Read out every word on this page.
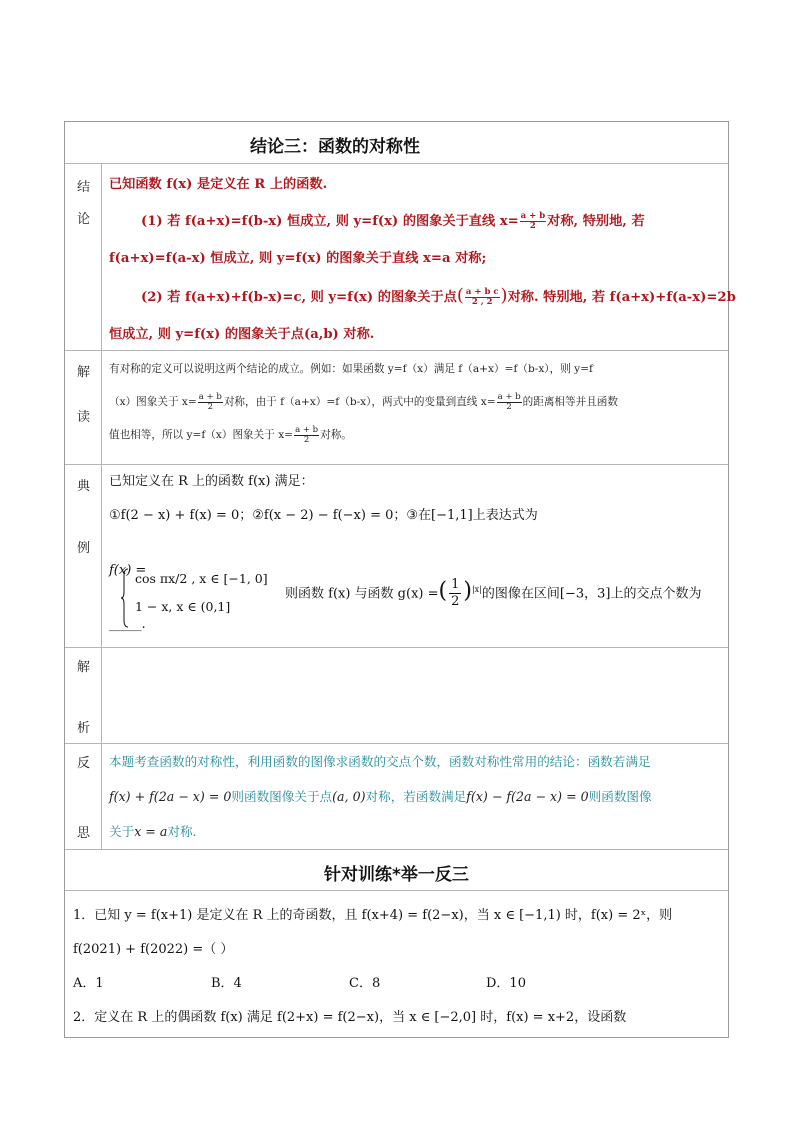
结论三：函数的对称性
结
论
已知函数 f(x) 是定义在 R 上的函数.
(1) 若 f(a+x)=f(b-x) 恒成立, 则 y=f(x) 的图象关于直线 $x= \frac{a + b}{2}$ 对称, 特别地, 若
f(a+x)=f(a-x) 恒成立, 则 y=f(x) 的图象关于直线 x=a 对称;
(2) 若 f(a+x)+f(b-x)=c, 则 y=f(x) 的图象关于点( $\frac{\text{a + b c}}{2 , 2}$ )对称. 特别地, 若 f(a+x)+f(a-x)=2b
恒成立, 则 y=f(x) 的图象关于点(a,b) 对称.
解
读
有对称的定义可以说明这两个结论的成立。例如：如果函数 y=f（x）满足 f（a+x）=f（b-x），则 y=f
（x）图象关于 $x= \frac{a + b}{2}$ 对称，由于 f（a+x）=f（b-x），两式中的变量到直线 $x= \frac{a + b}{2}$ 的距离相等并且函数
值也相等，所以 y=f（x）图象关于 $x= \frac{a + b}{2}$ 对称。
典
例
已知定义在 R 上的函数 f(x) 满足：
①f(2 − x) + f(x) = 0；②f(x − 2) − f(−x) = 0；③在[−1,1]上表达式为
f(x) =
cos πx/2 , x ∈ [−1, 0]
1 − x, x ∈ (0,1]
则函数 f(x) 与函数 g(x) =( $\frac{1}{2})^{|x|}$的图像在区间[−3，3]上的交点个数为
_____.
解
析
反
思
本题考查函数的对称性，利用函数的图像求函数的交点个数，函数对称性常用的结论：函数若满足
f(x) + f(2a − x) = 0则函数图像关于点(a, 0)对称，若函数满足f(x) − f(2a − x) = 0则函数图像
关于x = a对称.
针对训练*举一反三
1．已知 y = f(x+1) 是定义在 R 上的奇函数，且 f(x+4) = f(2−x)，当 x ∈ [−1,1) 时，f(x) = 2ˣ，则
f(2021) + f(2022) =（ ）
A．1	B．4	C．8	D．10
2．定义在 R 上的偶函数 f(x) 满足 f(2+x) = f(2−x)，当 x ∈ [−2,0] 时，f(x) = x+2，设函数
